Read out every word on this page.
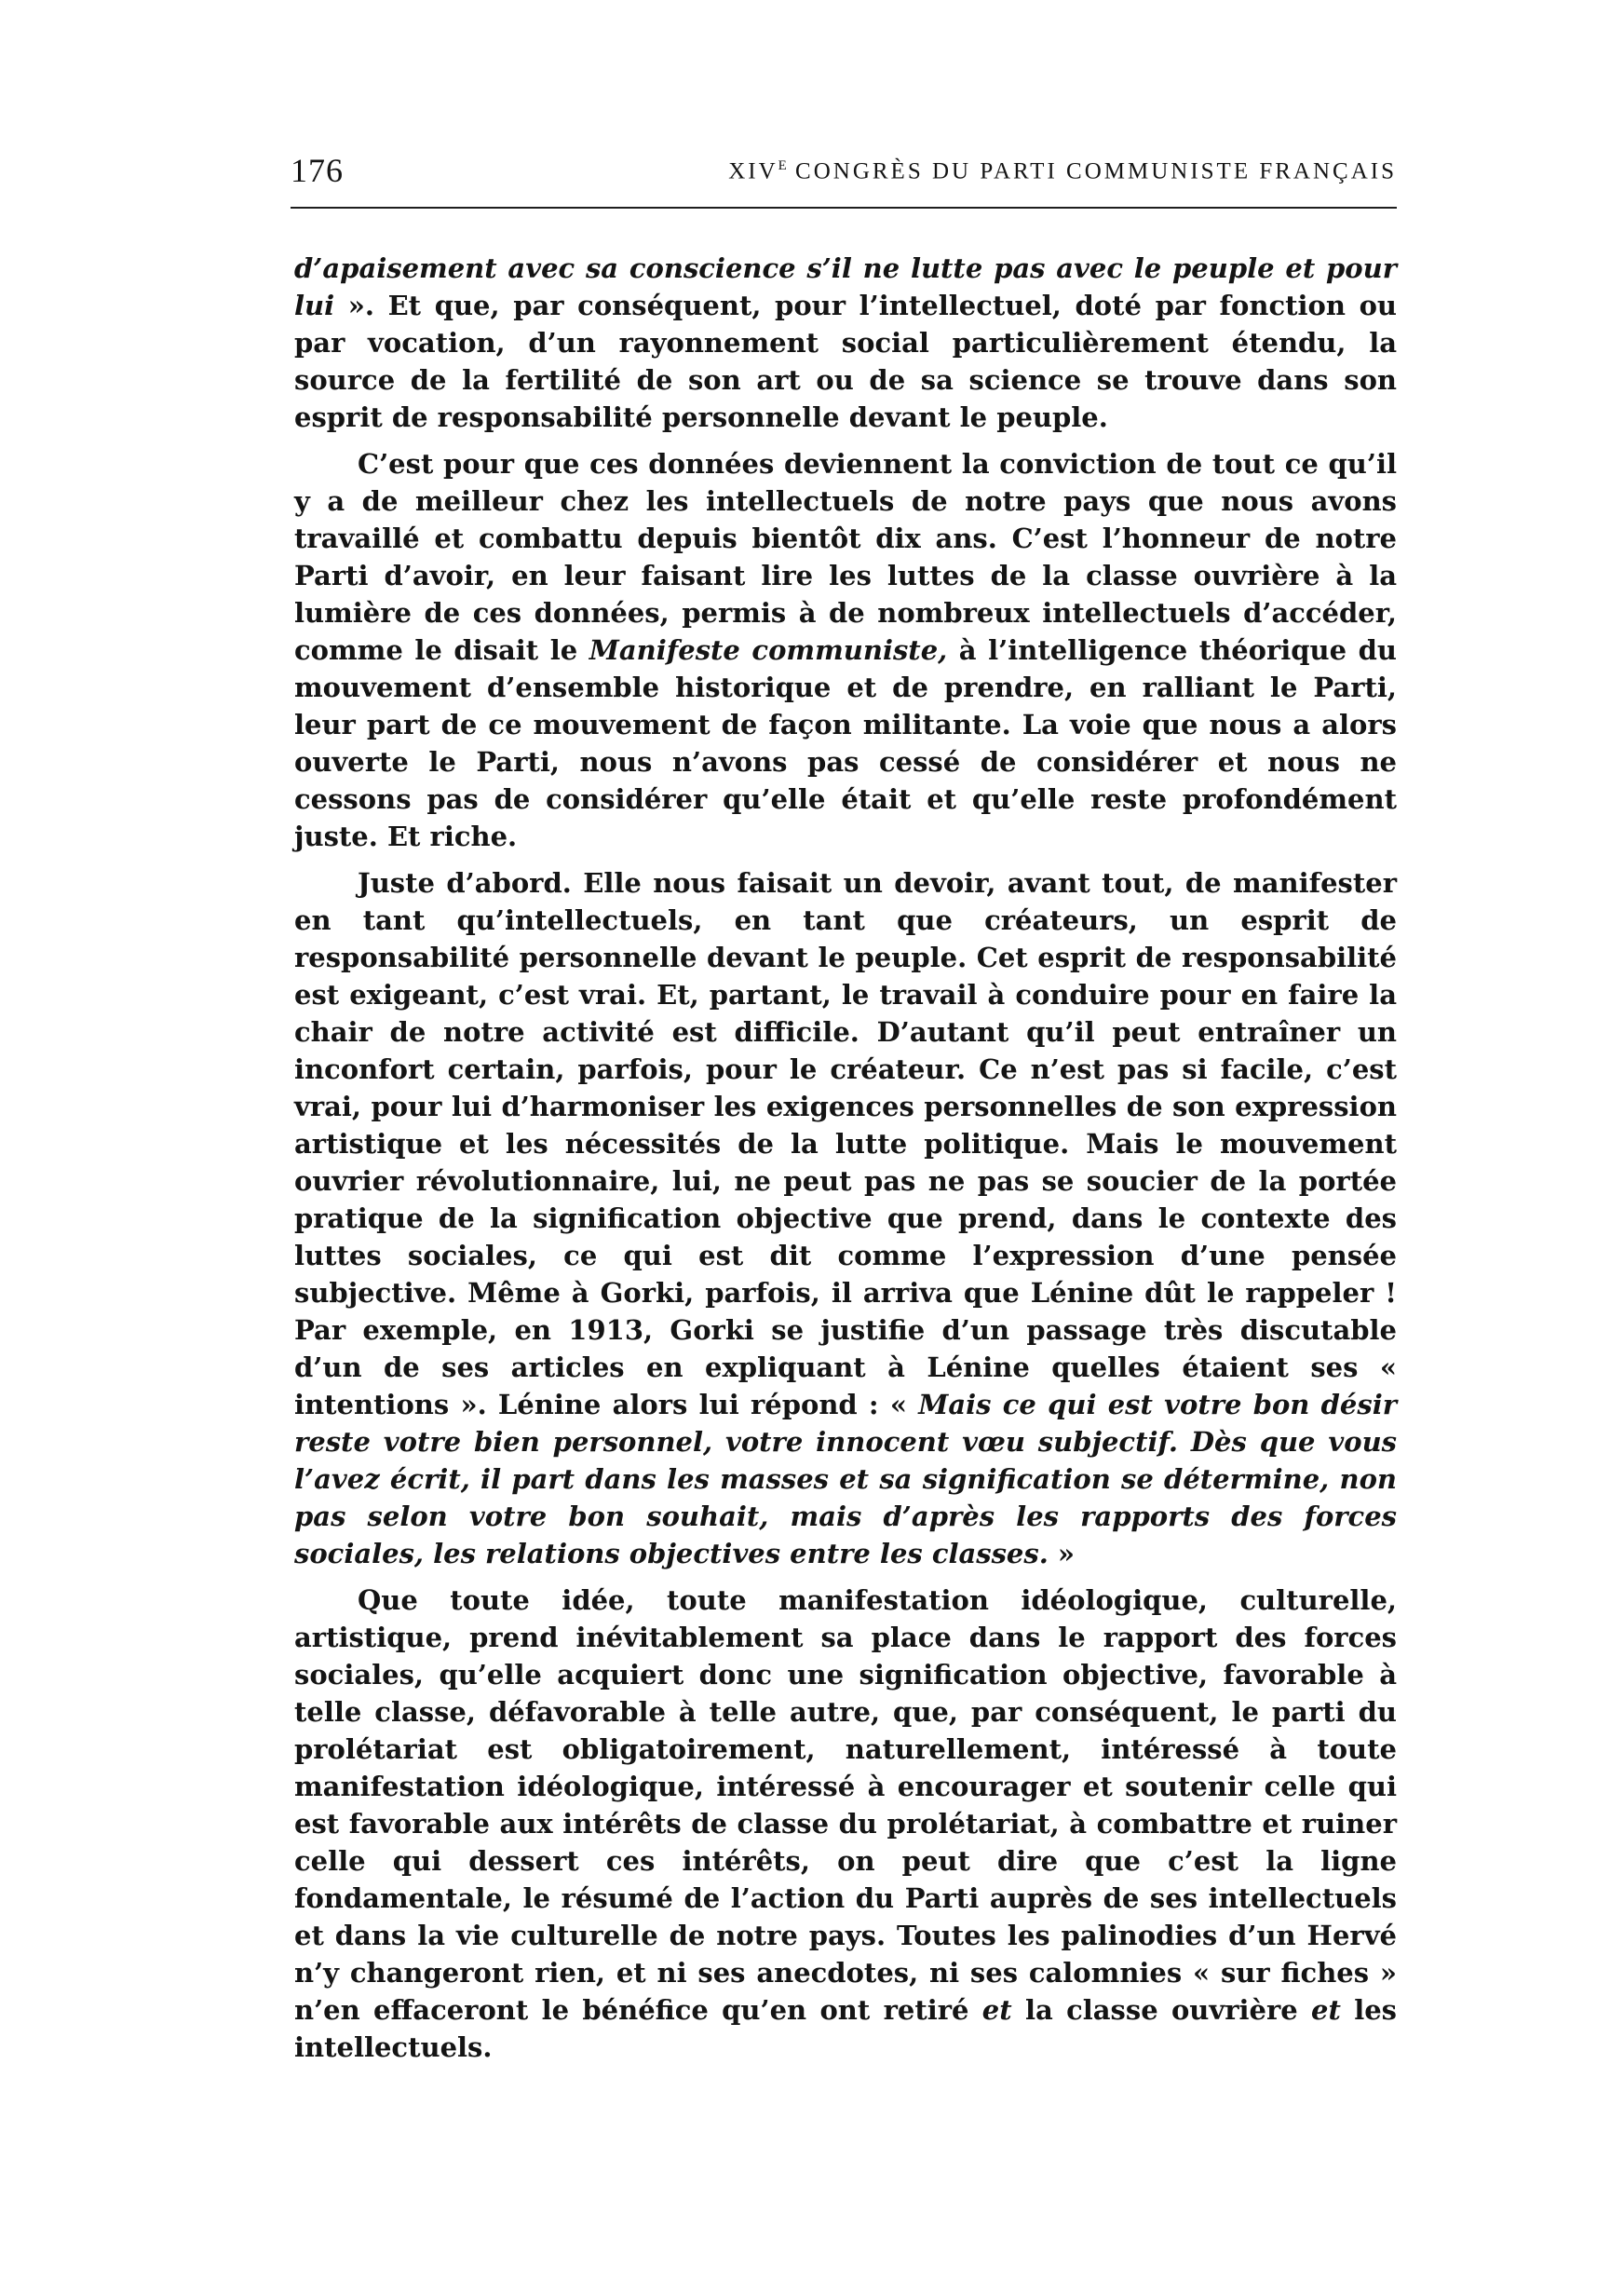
176	$XIV^E$ CONGRÈS DU PARTI COMMUNISTE FRANÇAIS

d’apaisement avec sa conscience s’il ne lutte pas avec le peuple et pour lui ». Et que, par conséquent, pour l’intellectuel, doté par fonction ou par vocation, d’un rayonnement social particulièrement étendu, la source de la fertilité de son art ou de sa science se trouve dans son esprit de responsabilité personnelle devant le peuple.

C’est pour que ces données deviennent la conviction de tout ce qu’il y a de meilleur chez les intellectuels de notre pays que nous avons travaillé et combattu depuis bientôt dix ans. C’est l’honneur de notre Parti d’avoir, en leur faisant lire les luttes de la classe ouvrière à la lumière de ces données, permis à de nombreux intellectuels d’accéder, comme le disait le Manifeste communiste, à l’intelligence théorique du mouvement d’ensemble historique et de prendre, en ralliant le Parti, leur part de ce mouvement de façon militante. La voie que nous a alors ouverte le Parti, nous n’avons pas cessé de considérer et nous ne cessons pas de considérer qu’elle était et qu’elle reste profondément juste. Et riche.

Juste d’abord. Elle nous faisait un devoir, avant tout, de manifester en tant qu’intellectuels, en tant que créateurs, un esprit de responsabilité personnelle devant le peuple. Cet esprit de responsabilité est exigeant, c’est vrai. Et, partant, le travail à conduire pour en faire la chair de notre activité est difficile. D’autant qu’il peut entraîner un inconfort certain, parfois, pour le créateur. Ce n’est pas si facile, c’est vrai, pour lui d’harmoniser les exigences personnelles de son expression artistique et les nécessités de la lutte politique. Mais le mouvement ouvrier révolutionnaire, lui, ne peut pas ne pas se soucier de la portée pratique de la signification objective que prend, dans le contexte des luttes sociales, ce qui est dit comme l’expression d’une pensée subjective. Même à Gorki, parfois, il arriva que Lénine dût le rappeler ! Par exemple, en 1913, Gorki se justifie d’un passage très discutable d’un de ses articles en expliquant à Lénine quelles étaient ses « intentions ». Lénine alors lui répond : « Mais ce qui est votre bon désir reste votre bien personnel, votre innocent vœu subjectif. Dès que vous l’avez écrit, il part dans les masses et sa signification se détermine, non pas selon votre bon souhait, mais d’après les rapports des forces sociales, les relations objectives entre les classes. »

Que toute idée, toute manifestation idéologique, culturelle, artistique, prend inévitablement sa place dans le rapport des forces sociales, qu’elle acquiert donc une signification objective, favorable à telle classe, défavorable à telle autre, que, par conséquent, le parti du prolétariat est obligatoirement, naturellement, intéressé à toute manifestation idéologique, intéressé à encourager et soutenir celle qui est favorable aux intérêts de classe du prolétariat, à combattre et ruiner celle qui dessert ces intérêts, on peut dire que c’est la ligne fondamentale, le résumé de l’action du Parti auprès de ses intellectuels et dans la vie culturelle de notre pays. Toutes les palinodies d’un Hervé n’y changeront rien, et ni ses anecdotes, ni ses calomnies « sur fiches » n’en effaceront le bénéfice qu’en ont retiré et la classe ouvrière et les intellectuels.
